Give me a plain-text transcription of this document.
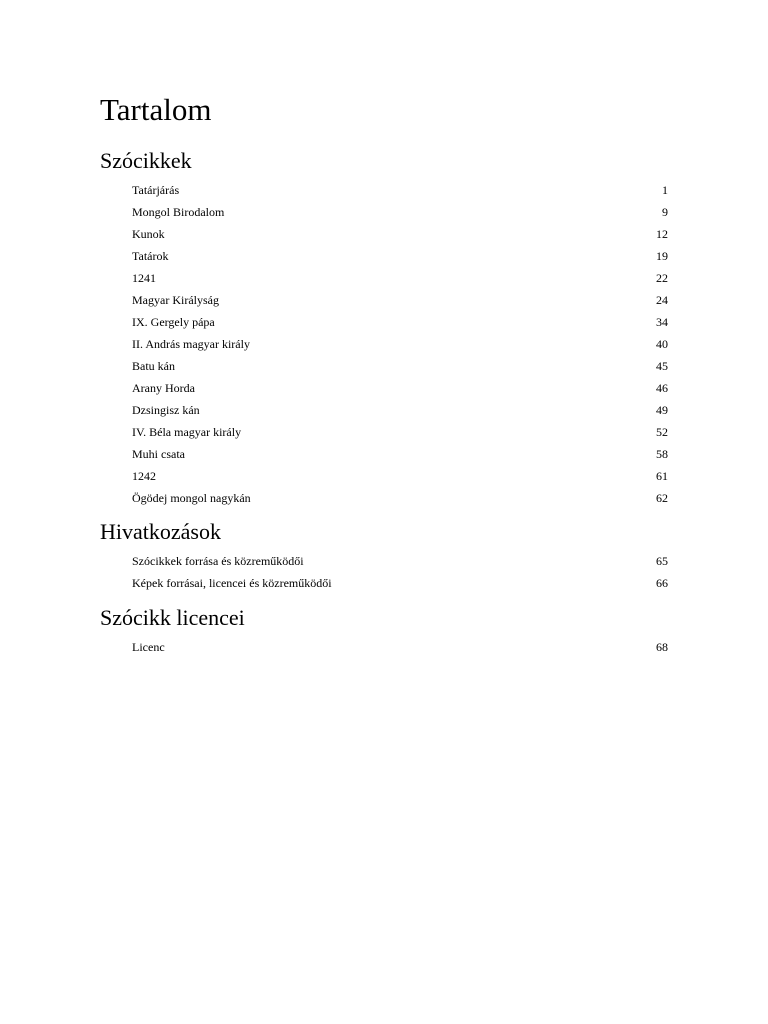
Tartalom
Szócikkek
Tatárjárás	1
Mongol Birodalom	9
Kunok	12
Tatárok	19
1241	22
Magyar Királyság	24
IX. Gergely pápa	34
II. András magyar király	40
Batu kán	45
Arany Horda	46
Dzsingisz kán	49
IV. Béla magyar király	52
Muhi csata	58
1242	61
Ögödej mongol nagykán	62
Hivatkozások
Szócikkek forrása és közreműködői	65
Képek forrásai, licencei és közreműködői	66
Szócikk licencei
Licenc	68
